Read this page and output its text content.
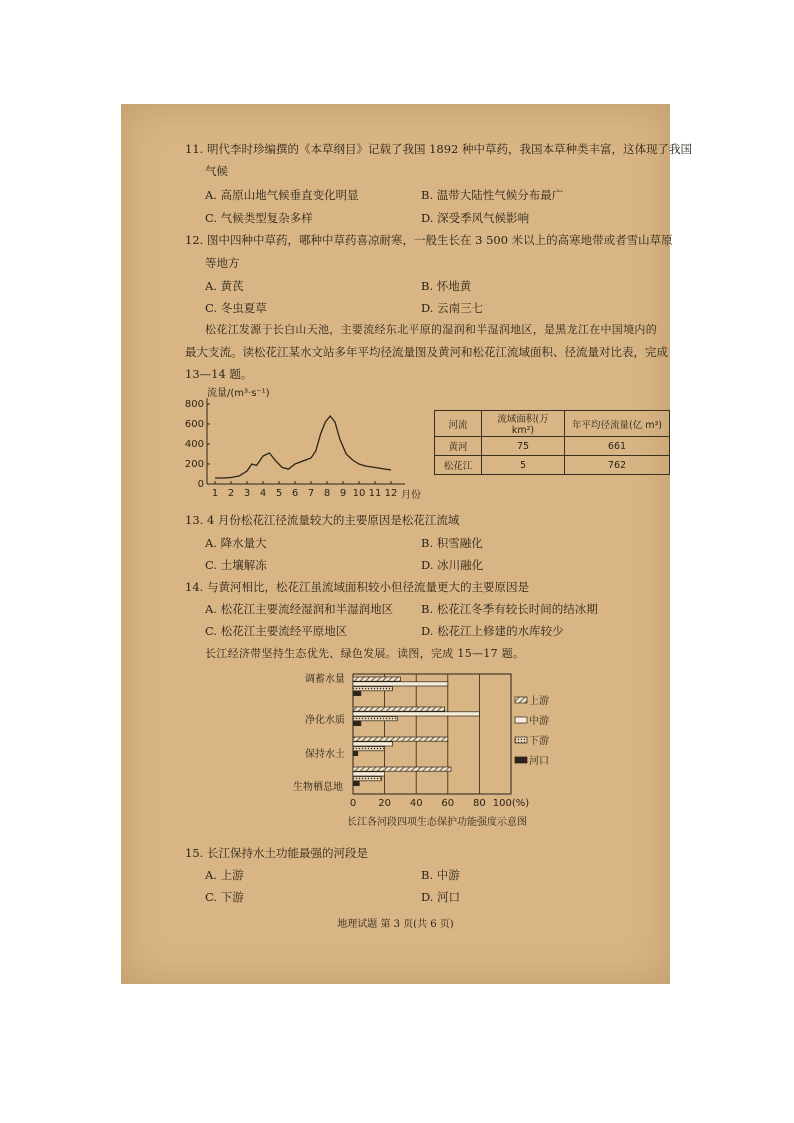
11. 明代李时珍编撰的《本草纲目》记载了我国 1892 种中草药，我国本草种类丰富，这体现了我国
气候
A. 高原山地气候垂直变化明显	B. 温带大陆性气候分布最广
C. 气候类型复杂多样	D. 深受季风气候影响
12. 图中四种中草药，哪种中草药喜凉耐寒，一般生长在 3 500 米以上的高寒地带或者雪山草原
等地方
A. 黄芪	B. 怀地黄
C. 冬虫夏草	D. 云南三七
松花江发源于长白山天池，主要流经东北平原的湿润和半湿润地区，是黑龙江在中国境内的
最大支流。读松花江某水文站多年平均径流量图及黄河和松花江流域面积、径流量对比表，完成
13—14 题。
0
200
400
600
800
1 2 3 4 5 6 7 8 9 10 11 12
流量/(m³·s⁻¹)
月份
河流	流域面积(万 km²)	年平均径流量(亿 m³)
黄河	75	661
松花江	5	762
13. 4 月份松花江径流量较大的主要原因是松花江流域
A. 降水量大	B. 积雪融化
C. 土壤解冻	D. 冰川融化
14. 与黄河相比，松花江虽流域面积较小但径流量更大的主要原因是
A. 松花江主要流经湿润和半湿润地区 B. 松花江冬季有较长时间的结冰期
C. 松花江主要流经平原地区	D. 松花江上修建的水库较少
长江经济带坚持生态优先、绿色发展。读图，完成 15—17 题。
0 20 40 60 80 100(%)
上游
中游
下游
河口
长江各河段四项生态保护功能强度示意图
调蓄水量
净化水质
保持水土
生物栖息地
15. 长江保持水土功能最强的河段是
A. 上游	B. 中游
C. 下游	D. 河口
地理试题 第 3 页(共 6 页)
